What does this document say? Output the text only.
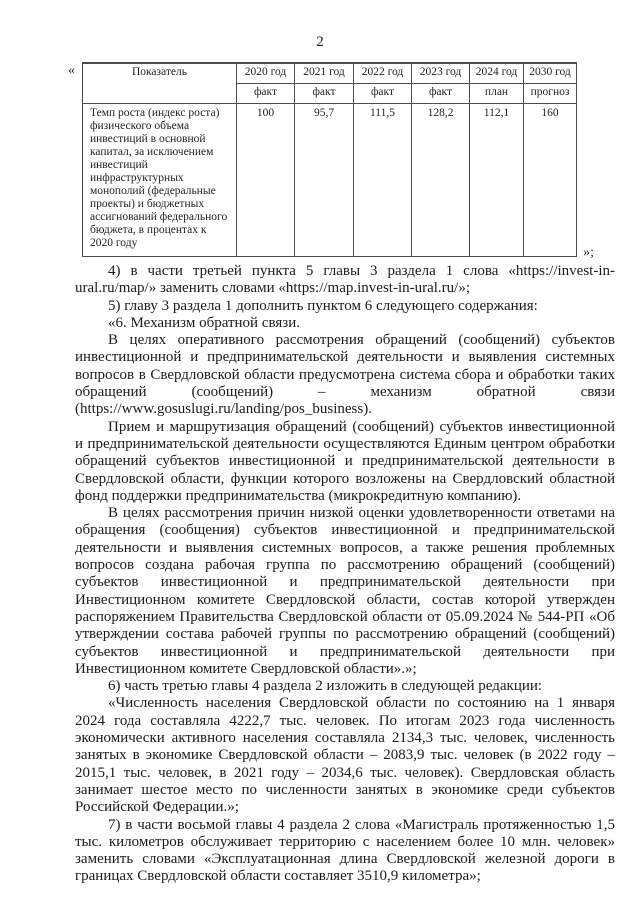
2
«	Показатель	2020 год	2021 год	2022 год	2023 год	2024 год	2030 год
	факт	факт	факт	факт	план	прогноз
Темп роста (индекс роста) физического объема инвестиций в основной капитал, за исключением инвестиций инфраструктурных монополий (федеральные проекты) и бюджетных ассигнований федерального бюджета, в процентах к 2020 году	100	95,7	111,5	128,2	112,1	160
»;

4) в части третьей пункта 5 главы 3 раздела 1 слова «https://invest-in-ural.ru/map/» заменить словами «https://map.invest-in-ural.ru/»;

5) главу 3 раздела 1 дополнить пунктом 6 следующего содержания:

«6. Механизм обратной связи.

В целях оперативного рассмотрения обращений (сообщений) субъектов инвестиционной и предпринимательской деятельности и выявления системных вопросов в Свердловской области предусмотрена система сбора и обработки таких обращений (сообщений) – механизм обратной связи (https://www.gosuslugi.ru/landing/pos_business).

Прием и маршрутизация обращений (сообщений) субъектов инвестиционной и предпринимательской деятельности осуществляются Единым центром обработки обращений субъектов инвестиционной и предпринимательской деятельности в Свердловской области, функции которого возложены на Свердловский областной фонд поддержки предпринимательства (микрокредитную компанию).

В целях рассмотрения причин низкой оценки удовлетворенности ответами на обращения (сообщения) субъектов инвестиционной и предпринимательской деятельности и выявления системных вопросов, а также решения проблемных вопросов создана рабочая группа по рассмотрению обращений (сообщений) субъектов инвестиционной и предпринимательской деятельности при Инвестиционном комитете Свердловской области, состав которой утвержден распоряжением Правительства Свердловской области от 05.09.2024 № 544-РП «Об утверждении состава рабочей группы по рассмотрению обращений (сообщений) субъектов инвестиционной и предпринимательской деятельности при Инвестиционном комитете Свердловской области».»;

6) часть третью главы 4 раздела 2 изложить в следующей редакции:

«Численность населения Свердловской области по состоянию на 1 января 2024 года составляла 4222,7 тыс. человек. По итогам 2023 года численность экономически активного населения составляла 2134,3 тыс. человек, численность занятых в экономике Свердловской области – 2083,9 тыс. человек (в 2022 году – 2015,1 тыс. человек, в 2021 году – 2034,6 тыс. человек). Свердловская область занимает шестое место по численности занятых в экономике среди субъектов Российской Федерации.»;

7) в части восьмой главы 4 раздела 2 слова «Магистраль протяженностью 1,5 тыс. километров обслуживает территорию с населением более 10 млн. человек» заменить словами «Эксплуатационная длина Свердловской железной дороги в границах Свердловской области составляет 3510,9 километра»;
